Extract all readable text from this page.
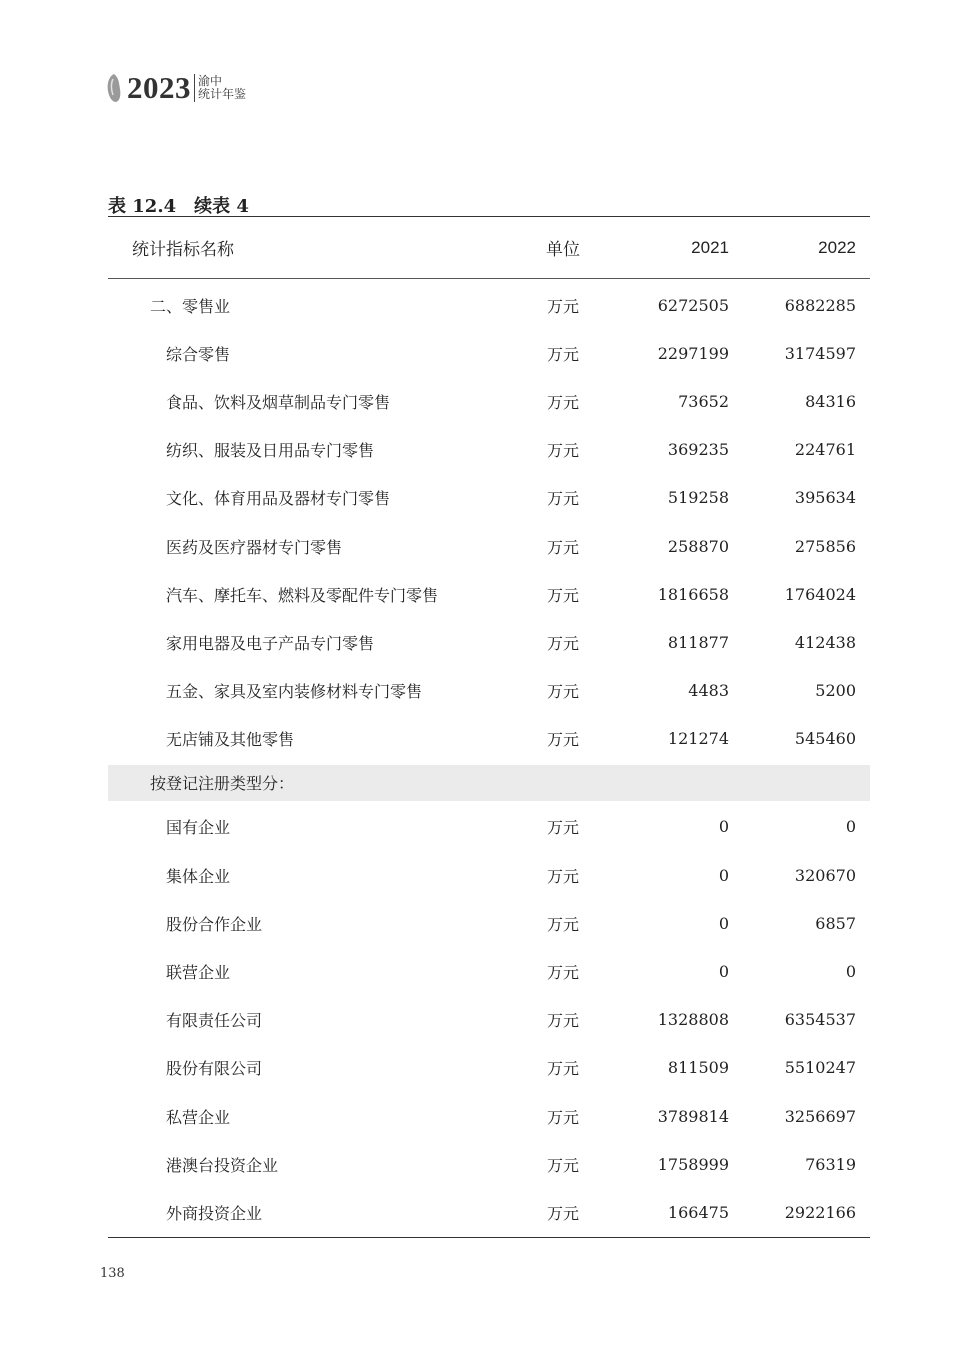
2023 渝中
统计年鉴
表 12.4　续表 4
统计指标名称	单位	2021	2022
二、零售业	万元	6272505	6882285
综合零售	万元	2297199	3174597
食品、饮料及烟草制品专门零售	万元	73652	84316
纺织、服装及日用品专门零售	万元	369235	224761
文化、体育用品及器材专门零售	万元	519258	395634
医药及医疗器材专门零售	万元	258870	275856
汽车、摩托车、燃料及零配件专门零售	万元	1816658	1764024
家用电器及电子产品专门零售	万元	811877	412438
五金、家具及室内装修材料专门零售	万元	4483	5200
无店铺及其他零售	万元	121274	545460
按登记注册类型分：
国有企业	万元	0	0
集体企业	万元	0	320670
股份合作企业	万元	0	6857
联营企业	万元	0	0
有限责任公司	万元	1328808	6354537
股份有限公司	万元	811509	5510247
私营企业	万元	3789814	3256697
港澳台投资企业	万元	1758999	76319
外商投资企业	万元	166475	2922166
138
